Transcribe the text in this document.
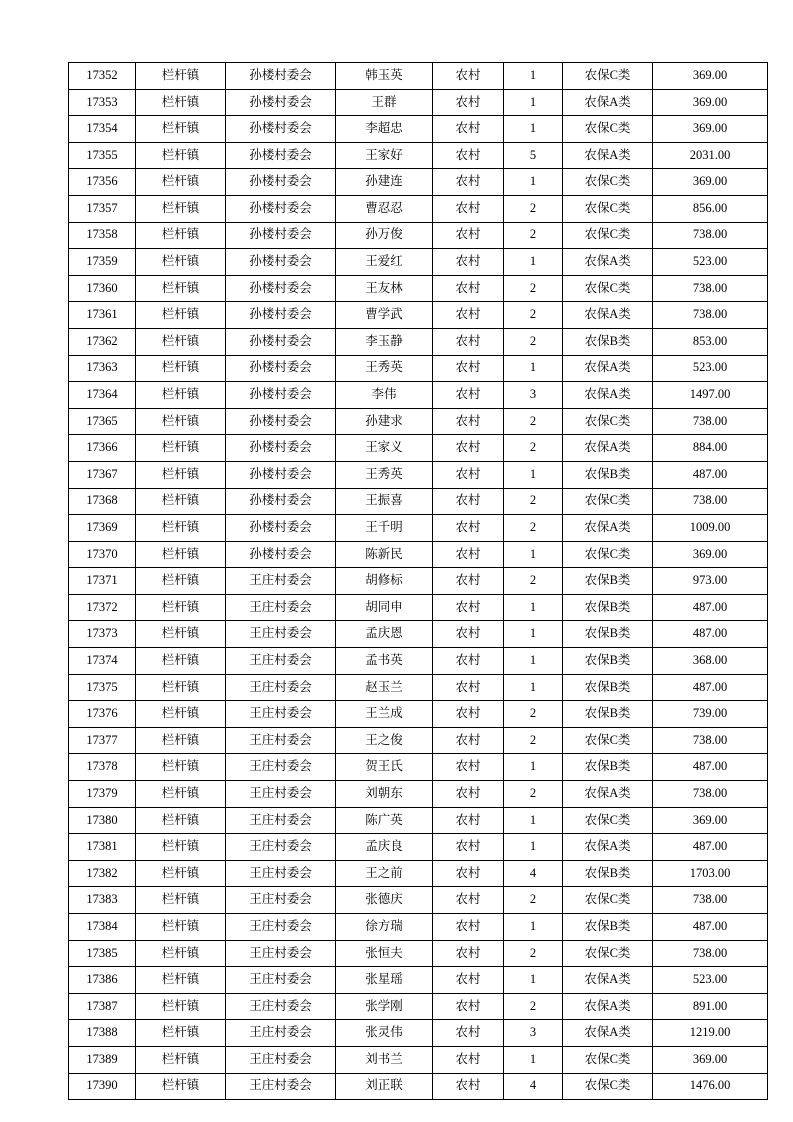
17352	栏杆镇	孙楼村委会	韩玉英	农村	1	农保C类	369.00
17353	栏杆镇	孙楼村委会	王群	农村	1	农保A类	369.00
17354	栏杆镇	孙楼村委会	李超忠	农村	1	农保C类	369.00
17355	栏杆镇	孙楼村委会	王家好	农村	5	农保A类	2031.00
17356	栏杆镇	孙楼村委会	孙建连	农村	1	农保C类	369.00
17357	栏杆镇	孙楼村委会	曹忍忍	农村	2	农保C类	856.00
17358	栏杆镇	孙楼村委会	孙万俊	农村	2	农保C类	738.00
17359	栏杆镇	孙楼村委会	王爱红	农村	1	农保A类	523.00
17360	栏杆镇	孙楼村委会	王友林	农村	2	农保C类	738.00
17361	栏杆镇	孙楼村委会	曹学武	农村	2	农保A类	738.00
17362	栏杆镇	孙楼村委会	李玉静	农村	2	农保B类	853.00
17363	栏杆镇	孙楼村委会	王秀英	农村	1	农保A类	523.00
17364	栏杆镇	孙楼村委会	李伟	农村	3	农保A类	1497.00
17365	栏杆镇	孙楼村委会	孙建求	农村	2	农保C类	738.00
17366	栏杆镇	孙楼村委会	王家义	农村	2	农保A类	884.00
17367	栏杆镇	孙楼村委会	王秀英	农村	1	农保B类	487.00
17368	栏杆镇	孙楼村委会	王振喜	农村	2	农保C类	738.00
17369	栏杆镇	孙楼村委会	王千明	农村	2	农保A类	1009.00
17370	栏杆镇	孙楼村委会	陈新民	农村	1	农保C类	369.00
17371	栏杆镇	王庄村委会	胡修标	农村	2	农保B类	973.00
17372	栏杆镇	王庄村委会	胡同申	农村	1	农保B类	487.00
17373	栏杆镇	王庄村委会	孟庆恩	农村	1	农保B类	487.00
17374	栏杆镇	王庄村委会	孟书英	农村	1	农保B类	368.00
17375	栏杆镇	王庄村委会	赵玉兰	农村	1	农保B类	487.00
17376	栏杆镇	王庄村委会	王兰成	农村	2	农保B类	739.00
17377	栏杆镇	王庄村委会	王之俊	农村	2	农保C类	738.00
17378	栏杆镇	王庄村委会	贺王氏	农村	1	农保B类	487.00
17379	栏杆镇	王庄村委会	刘朝东	农村	2	农保A类	738.00
17380	栏杆镇	王庄村委会	陈广英	农村	1	农保C类	369.00
17381	栏杆镇	王庄村委会	孟庆良	农村	1	农保A类	487.00
17382	栏杆镇	王庄村委会	王之前	农村	4	农保B类	1703.00
17383	栏杆镇	王庄村委会	张德庆	农村	2	农保C类	738.00
17384	栏杆镇	王庄村委会	徐方瑞	农村	1	农保B类	487.00
17385	栏杆镇	王庄村委会	张恒夫	农村	2	农保C类	738.00
17386	栏杆镇	王庄村委会	张星瑶	农村	1	农保A类	523.00
17387	栏杆镇	王庄村委会	张学刚	农村	2	农保A类	891.00
17388	栏杆镇	王庄村委会	张灵伟	农村	3	农保A类	1219.00
17389	栏杆镇	王庄村委会	刘书兰	农村	1	农保C类	369.00
17390	栏杆镇	王庄村委会	刘正联	农村	4	农保C类	1476.00
